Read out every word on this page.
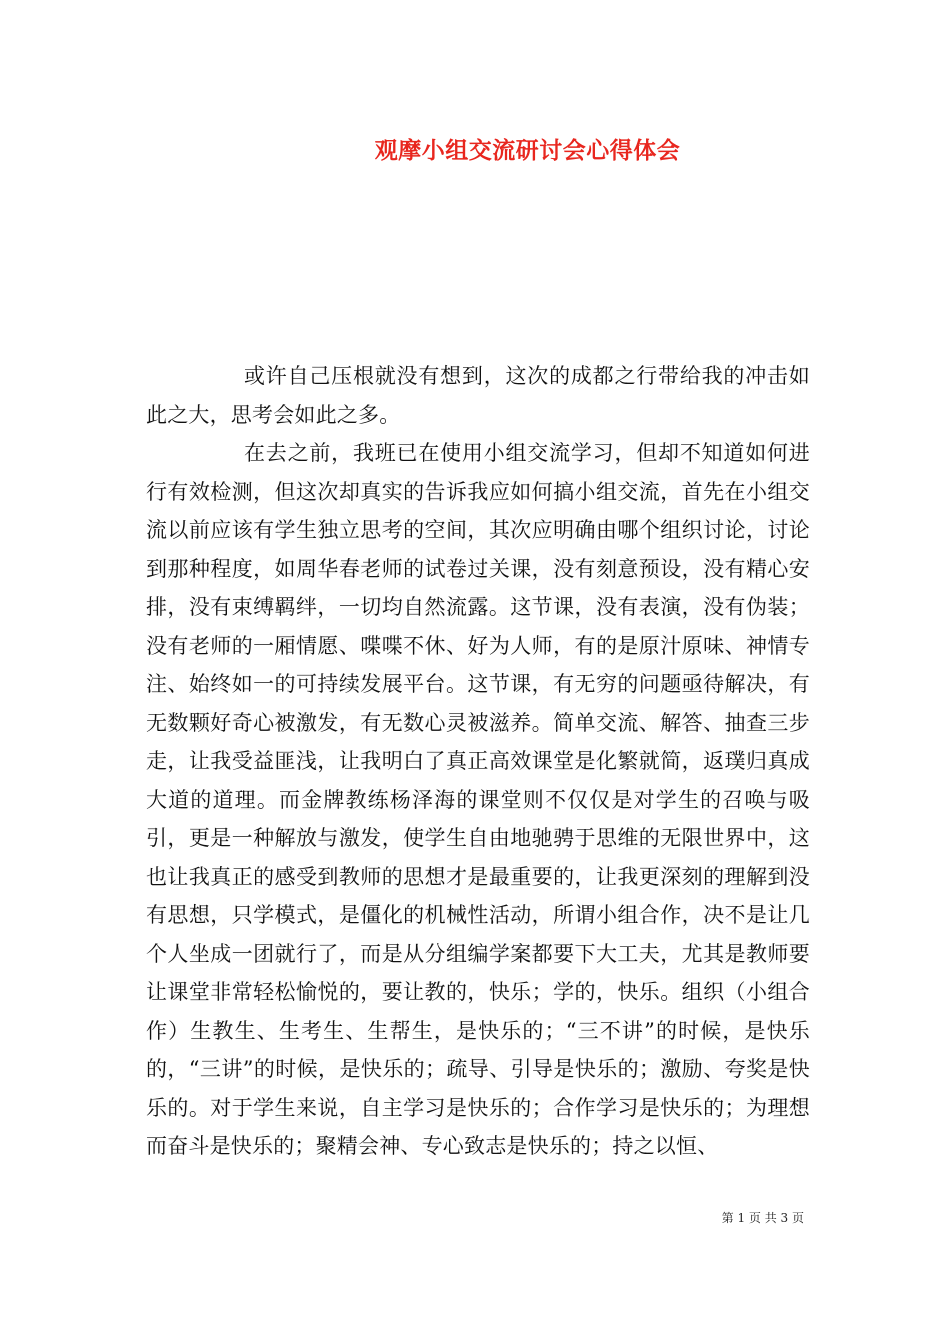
观摩小组交流研讨会心得体会

或许自己压根就没有想到，这次的成都之行带给我的冲击如此之大，思考会如此之多。

在去之前，我班已在使用小组交流学习，但却不知道如何进行有效检测，但这次却真实的告诉我应如何搞小组交流，首先在小组交流以前应该有学生独立思考的空间，其次应明确由哪个组织讨论，讨论到那种程度，如周华春老师的试卷过关课，没有刻意预设，没有精心安排，没有束缚羁绊，一切均自然流露。这节课，没有表演，没有伪装；没有老师的一厢情愿、喋喋不休、好为人师，有的是原汁原味、神情专注、始终如一的可持续发展平台。这节课，有无穷的问题亟待解决，有无数颗好奇心被激发，有无数心灵被滋养。简单交流、解答、抽查三步走，让我受益匪浅，让我明白了真正高效课堂是化繁就简，返璞归真成大道的道理。而金牌教练杨泽海的课堂则不仅仅是对学生的召唤与吸引，更是一种解放与激发，使学生自由地驰骋于思维的无限世界中，这也让我真正的感受到教师的思想才是最重要的，让我更深刻的理解到没有思想，只学模式，是僵化的机械性活动，所谓小组合作，决不是让几个人坐成一团就行了，而是从分组编学案都要下大工夫，尤其是教师要让课堂非常轻松愉悦的，要让教的，快乐；学的，快乐。组织（小组合作）生教生、生考生、生帮生，是快乐的；“三不讲”的时候，是快乐的，“三讲”的时候，是快乐的；疏导、引导是快乐的；激励、夸奖是快乐的。对于学生来说，自主学习是快乐的；合作学习是快乐的；为理想而奋斗是快乐的；聚精会神、专心致志是快乐的；持之以恒、

第 1 页 共 3 页
